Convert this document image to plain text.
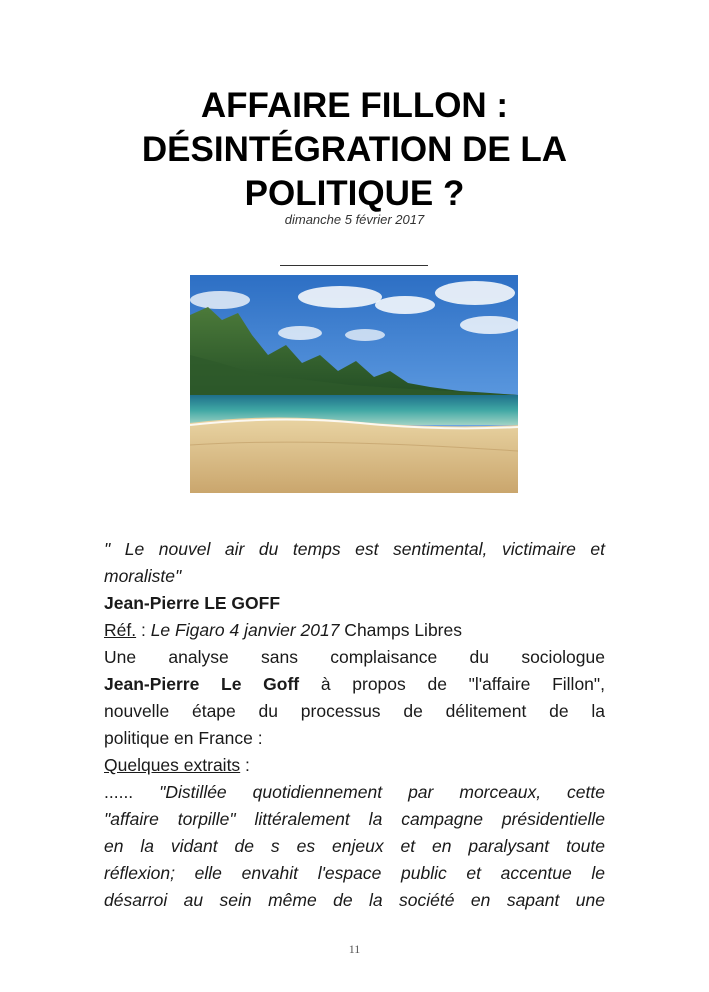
AFFAIRE FILLON :
DÉSINTÉGRATION DE LA
POLITIQUE ?
dimanche 5 février 2017
" Le nouvel air du temps est sentimental, victimaire et
moraliste"
Jean-Pierre LE GOFF
Réf. : Le Figaro 4 janvier 2017 Champs Libres
Une analyse sans complaisance du sociologue
Jean-Pierre Le Goff à propos de "l'affaire Fillon",
nouvelle étape du processus de délitement de la
politique en France :
Quelques extraits :
...... "Distillée quotidiennement par morceaux, cette
"affaire torpille" littéralement la campagne présidentielle
en la vidant de s es enjeux et en paralysant toute
réflexion; elle envahit l'espace public et accentue le
désarroi au sein même de la société en sapant une
11
